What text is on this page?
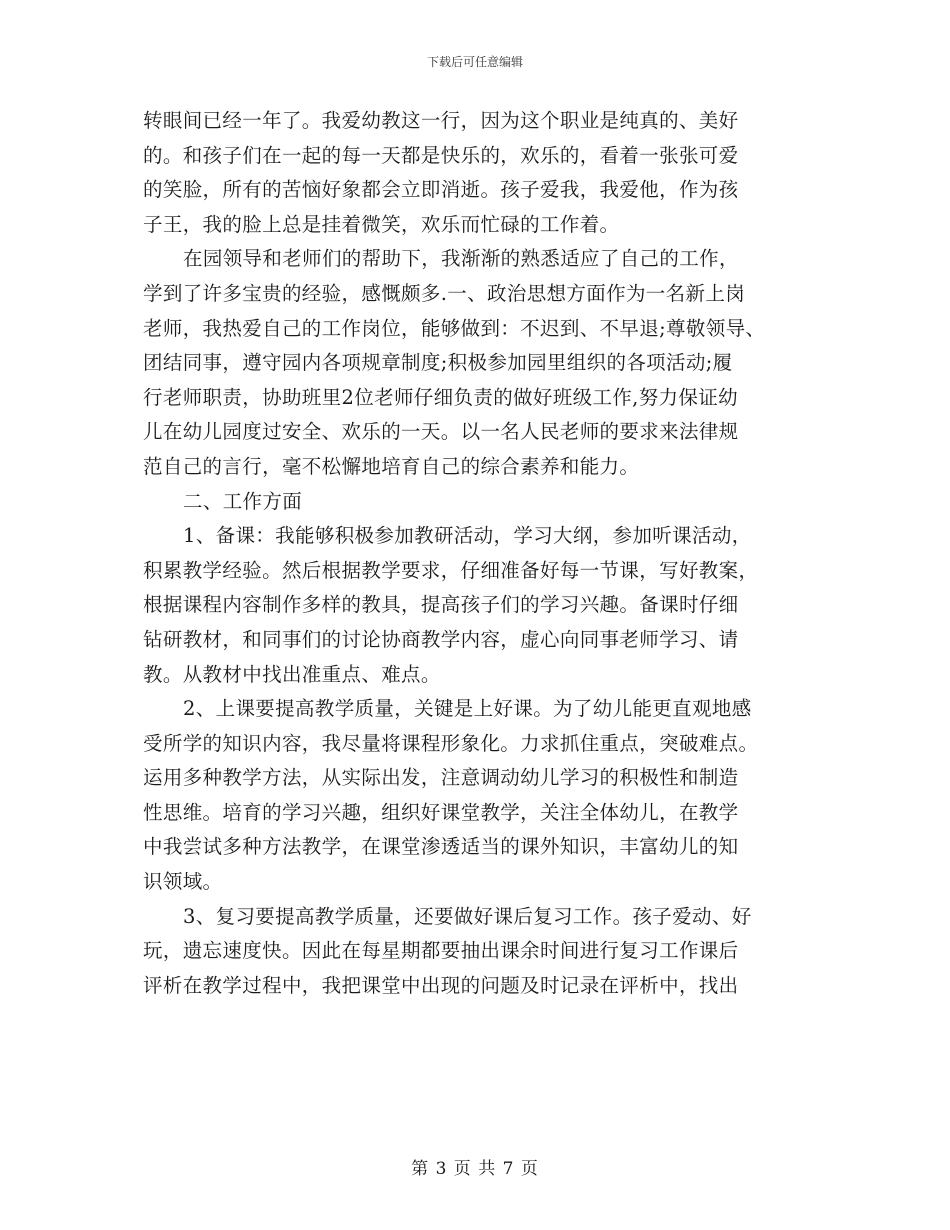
下载后可任意编辑
转眼间已经一年了。我爱幼教这一行，因为这个职业是纯真的、美好
的。和孩子们在一起的每一天都是快乐的，欢乐的，看着一张张可爱
的笑脸，所有的苦恼好象都会立即消逝。孩子爱我，我爱他，作为孩
子王，我的脸上总是挂着微笑，欢乐而忙碌的工作着。
在园领导和老师们的帮助下，我渐渐的熟悉适应了自己的工作，
学到了许多宝贵的经验，感慨颇多.一、政治思想方面作为一名新上岗
老师，我热爱自己的工作岗位，能够做到：不迟到、不早退;尊敬领导、
团结同事，遵守园内各项规章制度;积极参加园里组织的各项活动;履
行老师职责，协助班里2位老师仔细负责的做好班级工作,努力保证幼
儿在幼儿园度过安全、欢乐的一天。以一名人民老师的要求来法律规
范自己的言行，毫不松懈地培育自己的综合素养和能力。
二、工作方面
1、备课：我能够积极参加教研活动，学习大纲，参加听课活动，
积累教学经验。然后根据教学要求，仔细准备好每一节课，写好教案，
根据课程内容制作多样的教具，提高孩子们的学习兴趣。备课时仔细
钻研教材，和同事们的讨论协商教学内容，虚心向同事老师学习、请
教。从教材中找出准重点、难点。
2、上课要提高教学质量，关键是上好课。为了幼儿能更直观地感
受所学的知识内容，我尽量将课程形象化。力求抓住重点，突破难点。
运用多种教学方法，从实际出发，注意调动幼儿学习的积极性和制造
性思维。培育的学习兴趣，组织好课堂教学，关注全体幼儿，在教学
中我尝试多种方法教学，在课堂渗透适当的课外知识，丰富幼儿的知
识领域。
3、复习要提高教学质量，还要做好课后复习工作。孩子爱动、好
玩，遗忘速度快。因此在每星期都要抽出课余时间进行复习工作课后
评析在教学过程中，我把课堂中出现的问题及时记录在评析中，找出
第 3 页 共 7 页
